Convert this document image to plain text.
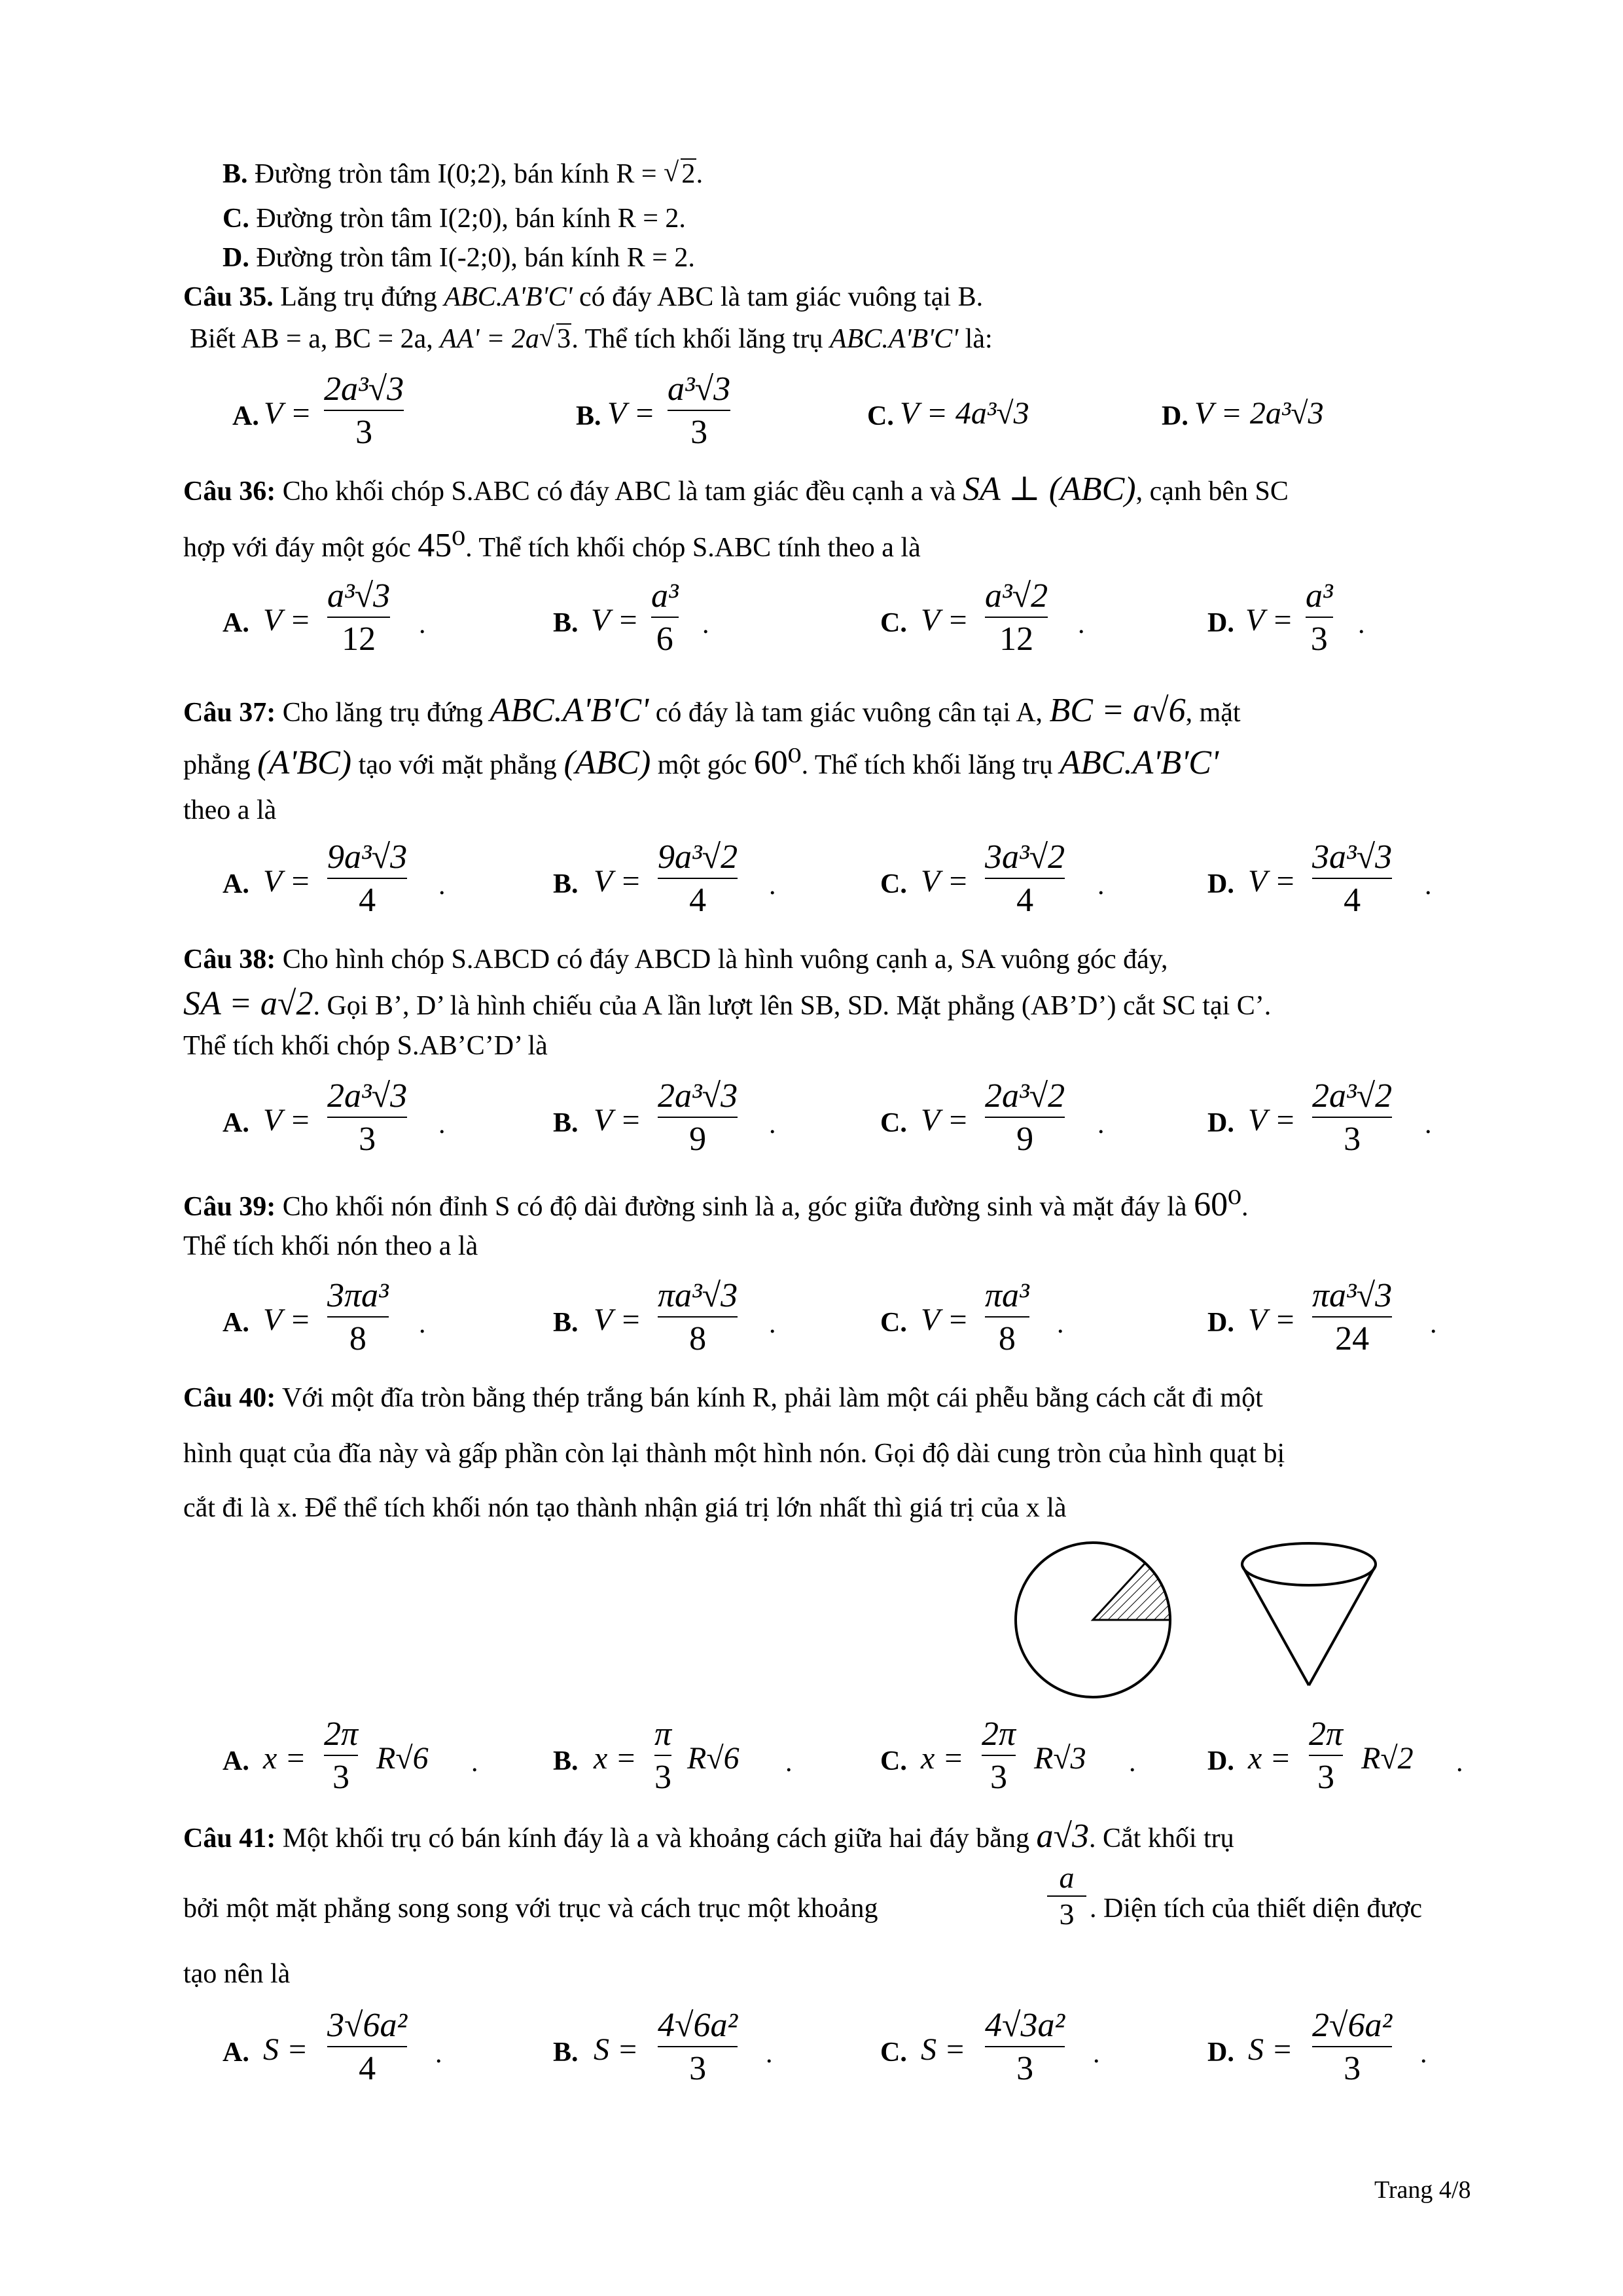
B. Đường tròn tâm I(0;2), bán kính R = √ 2.
C. Đường tròn tâm I(2;0), bán kính R = 2.
D. Đường tròn tâm I(-2;0), bán kính R = 2.
Câu 35. Lăng trụ đứng ABC.A'B'C' có đáy ABC là tam giác vuông tại B.
Biết AB = a, BC = 2a, AA' = 2a√ 3. Thể tích khối lăng trụ ABC.A'B'C' là:
A. V =
2a³√3
3	B. V =
a³√3
3	C. V = 4a³√3	D. V = 2a³√3
Câu 36: Cho khối chóp S.ABC có đáy ABC là tam giác đều cạnh a và SA ⊥ (ABC), cạnh bên SC
hợp với đáy một góc 45⁰. Thể tích khối chóp S.ABC tính theo a là
A. V =
a³√3
12 .	B. V =
a³
6 .	C. V =
a³√2
12 .	D. V =
a³
3 .
Câu 37: Cho lăng trụ đứng ABC.A'B'C' có đáy là tam giác vuông cân tại A, BC = a√6, mặt
phẳng (A'BC) tạo với mặt phẳng (ABC) một góc 60⁰. Thể tích khối lăng trụ ABC.A'B'C'
theo a là
A. V =
9a³√3
4 .	B. V =
9a³√2
4 .	C. V =
3a³√2
4 .	D. V =
3a³√3
4 .
Câu 38: Cho hình chóp S.ABCD có đáy ABCD là hình vuông cạnh a, SA vuông góc đáy,
SA = a√2. Gọi B’, D’ là hình chiếu của A lần lượt lên SB, SD. Mặt phẳng (AB’D’) cắt SC tại C’.
Thể tích khối chóp S.AB’C’D’ là
A. V =
2a³√3
3 .	B. V =
2a³√3
9 .	C. V =
2a³√2
9 .	D. V =
2a³√2
3 .
Câu 39: Cho khối nón đỉnh S có độ dài đường sinh là a, góc giữa đường sinh và mặt đáy là 60⁰.
Thể tích khối nón theo a là
A. V =
3πa³
8 .	B. V =
πa³√3
8 .	C. V =
πa³
8 .	D. V =
πa³√3
24 .
Câu 40: Với một đĩa tròn bằng thép trắng bán kính R, phải làm một cái phễu bằng cách cắt đi một
hình quạt của đĩa này và gấp phần còn lại thành một hình nón. Gọi độ dài cung tròn của hình quạt bị
cắt đi là x. Để thể tích khối nón tạo thành nhận giá trị lớn nhất thì giá trị của x là
A. x =
2π
3
R√6 .	B. x =
π
3
R√6 .	C. x =
2π
3
R√3 .	D. x =
2π
3
R√2 .
Câu 41: Một khối trụ có bán kính đáy là a và khoảng cách giữa hai đáy bằng a√3. Cắt khối trụ
bởi một mặt phẳng song song với trục và cách trục một khoảng
a
3 . Diện tích của thiết diện được
tạo nên là
A. S =
3√6a²
4 .	B. S =
4√6a²
3 .	C. S =
4√3a²
3 .	D. S =
2√6a²
3 .
Trang 4/8
